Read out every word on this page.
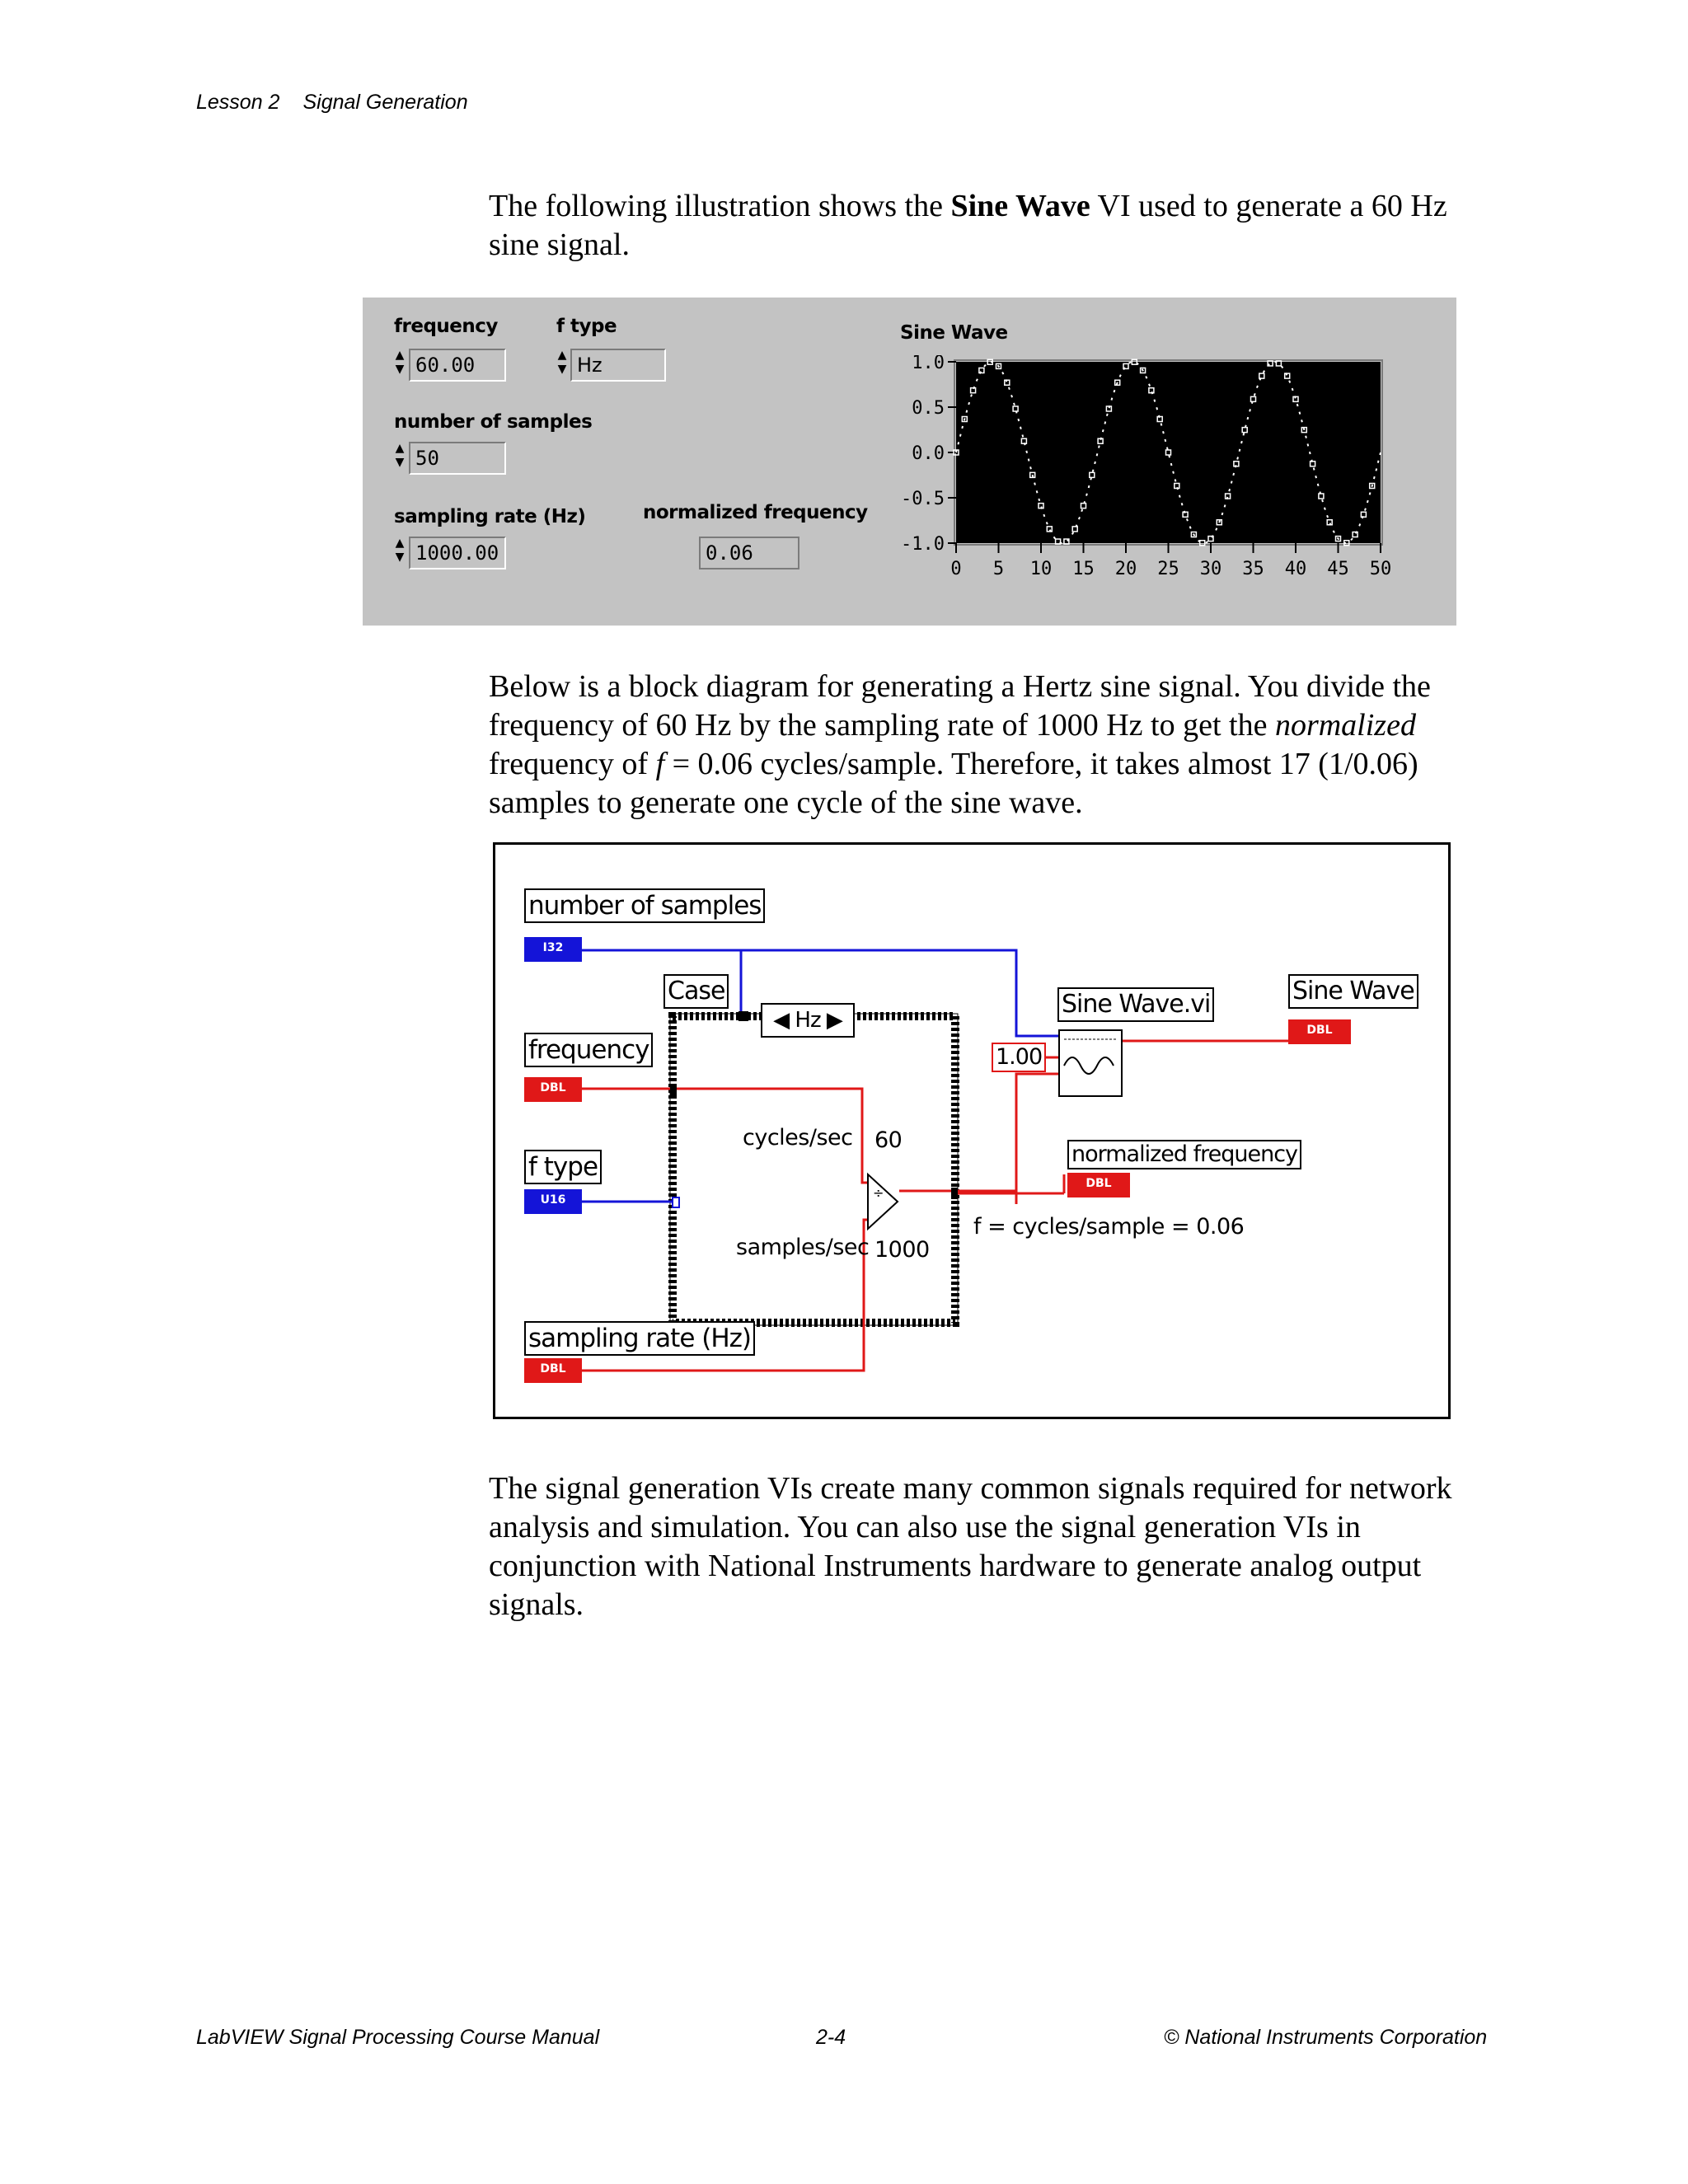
Lesson 2 Signal Generation
The following illustration shows the Sine Wave VI used to generate a 60 Hz sine signal.
frequency
▲
▼ 60.00
f type
▲
▼ Hz
number of samples
▲
▼ 50
sampling rate (Hz)
▲
▼ 1000.00
normalized frequency
0.06
Sine Wave
1.0
0.5
0.0
-0.5
-1.0
0 5 10 15 20 25 30 35 40 45 50
Below is a block diagram for generating a Hertz sine signal. You divide the frequency of 60 Hz by the sampling rate of 1000 Hz to get the normalized frequency of f = 0.06 cycles/sample. Therefore, it takes almost 17 (1/0.06) samples to generate one cycle of the sine wave.
÷
number of samples
I32
Case
◀ Hz ▶
frequency
DBL
f type
U16
sampling rate (Hz)
DBL
Sine Wave.vi	Sine Wave
DBL
1.00
normalized frequency
DBL
cycles/sec 60
samples/sec 1000
f = cycles/sample = 0.06
The signal generation VIs create many common signals required for network analysis and simulation. You can also use the signal generation VIs in conjunction with National Instruments hardware to generate analog output signals.
LabVIEW Signal Processing Course Manual	2-4	© National Instruments Corporation
